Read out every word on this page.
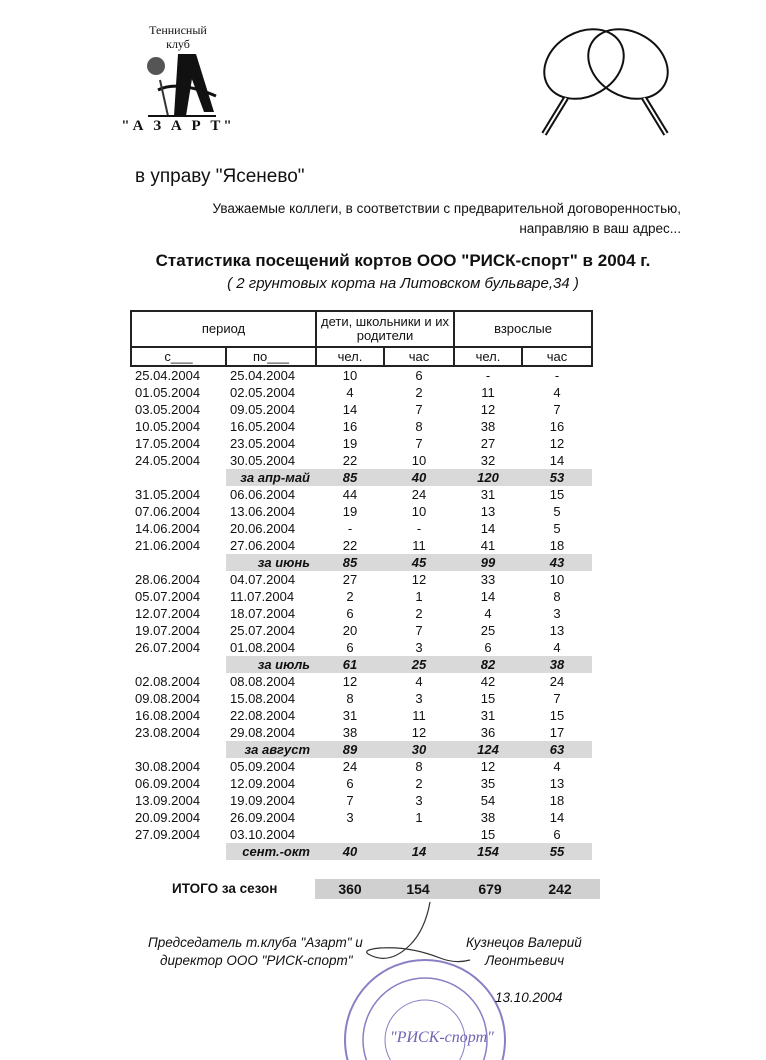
Теннисный
клуб
"А З А Р Т"
в управу "Ясенево"
Уважаемые коллеги, в соответствии с предварительной договоренностью,
направляю в ваш адрес...
Статистика посещений кортов ООО "РИСК-спорт" в 2004 г.
( 2 грунтовых корта на Литовском бульваре,34 )
период		дети, школьники и их родители		взрослые	
с___	по___	чел.	час	чел.	час
25.04.2004	25.04.2004	10	6	-	-
01.05.2004	02.05.2004	4	2	11	4
03.05.2004	09.05.2004	14	7	12	7
10.05.2004	16.05.2004	16	8	38	16
17.05.2004	23.05.2004	19	7	27	12
24.05.2004	30.05.2004	22	10	32	14
	за апр-май	85	40	120	53
31.05.2004	06.06.2004	44	24	31	15
07.06.2004	13.06.2004	19	10	13	5
14.06.2004	20.06.2004	-	-	14	5
21.06.2004	27.06.2004	22	11	41	18
	за июнь	85	45	99	43
28.06.2004	04.07.2004	27	12	33	10
05.07.2004	11.07.2004	2	1	14	8
12.07.2004	18.07.2004	6	2	4	3
19.07.2004	25.07.2004	20	7	25	13
26.07.2004	01.08.2004	6	3	6	4
	за июль	61	25	82	38
02.08.2004	08.08.2004	12	4	42	24
09.08.2004	15.08.2004	8	3	15	7
16.08.2004	22.08.2004	31	11	31	15
23.08.2004	29.08.2004	38	12	36	17
	за август	89	30	124	63
30.08.2004	05.09.2004	24	8	12	4
06.09.2004	12.09.2004	6	2	35	13
13.09.2004	19.09.2004	7	3	54	18
20.09.2004	26.09.2004	3	1	38	14
27.09.2004	03.10.2004			15	6
	сент.-окт	40	14	154	55
ИТОГО за сезон	360	154	679	242
"РИСК-спорт"
Председатель т.клуба "Азарт" и
директор ООО "РИСК-спорт"
Кузнецов Валерий
Леонтьевич
13.10.2004
